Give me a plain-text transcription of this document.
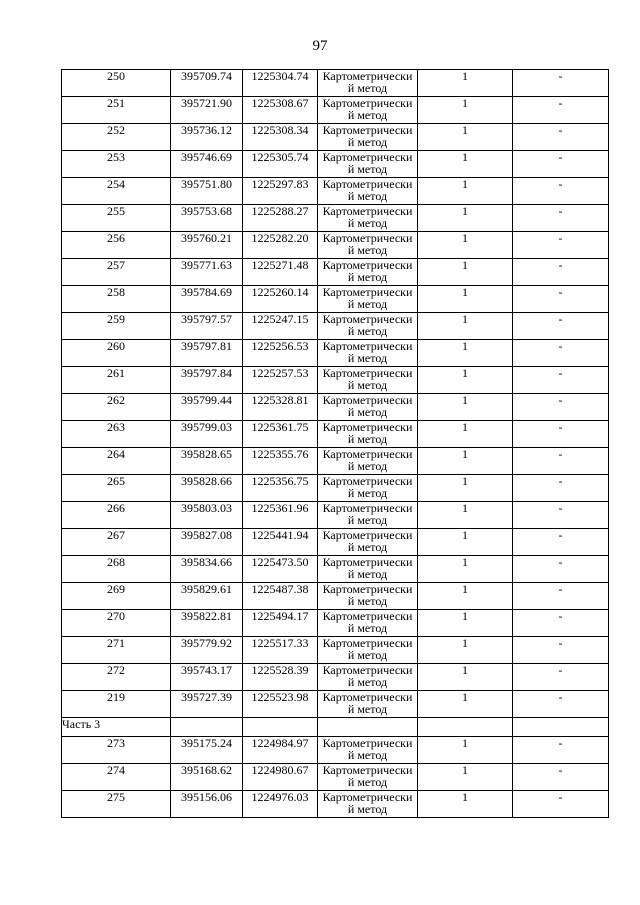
97
250	395709.74	1225304.74	Картометрически
й метод	1	-
251	395721.90	1225308.67	Картометрически
й метод	1	-
252	395736.12	1225308.34	Картометрически
й метод	1	-
253	395746.69	1225305.74	Картометрически
й метод	1	-
254	395751.80	1225297.83	Картометрически
й метод	1	-
255	395753.68	1225288.27	Картометрически
й метод	1	-
256	395760.21	1225282.20	Картометрически
й метод	1	-
257	395771.63	1225271.48	Картометрически
й метод	1	-
258	395784.69	1225260.14	Картометрически
й метод	1	-
259	395797.57	1225247.15	Картометрически
й метод	1	-
260	395797.81	1225256.53	Картометрически
й метод	1	-
261	395797.84	1225257.53	Картометрически
й метод	1	-
262	395799.44	1225328.81	Картометрически
й метод	1	-
263	395799.03	1225361.75	Картометрически
й метод	1	-
264	395828.65	1225355.76	Картометрически
й метод	1	-
265	395828.66	1225356.75	Картометрически
й метод	1	-
266	395803.03	1225361.96	Картометрически
й метод	1	-
267	395827.08	1225441.94	Картометрически
й метод	1	-
268	395834.66	1225473.50	Картометрически
й метод	1	-
269	395829.61	1225487.38	Картометрически
й метод	1	-
270	395822.81	1225494.17	Картометрически
й метод	1	-
271	395779.92	1225517.33	Картометрически
й метод	1	-
272	395743.17	1225528.39	Картометрически
й метод	1	-
219	395727.39	1225523.98	Картометрически
й метод	1	-
Часть 3					
273	395175.24	1224984.97	Картометрически
й метод	1	-
274	395168.62	1224980.67	Картометрически
й метод	1	-
275	395156.06	1224976.03	Картометрически
й метод	1	-
